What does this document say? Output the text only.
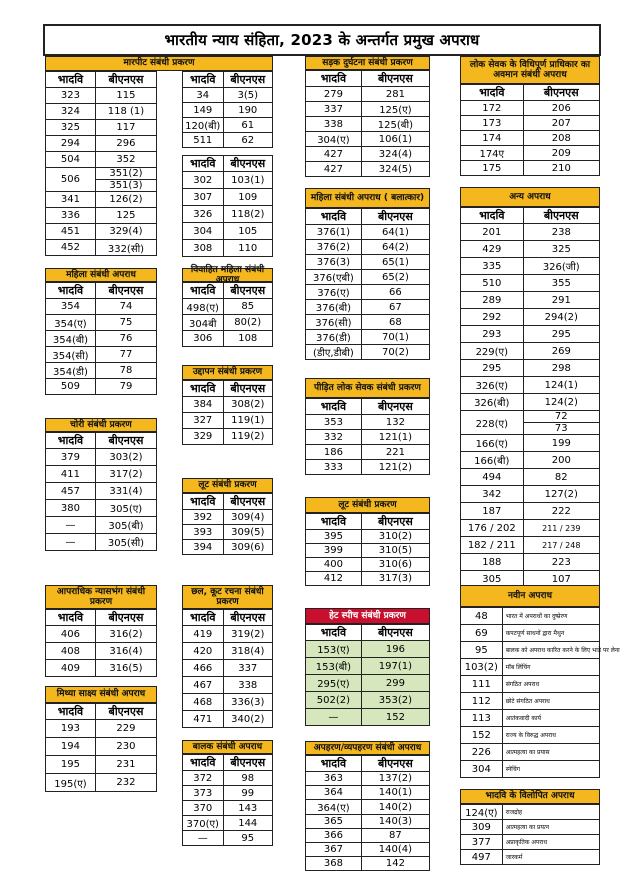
भारतीय न्याय संहिता, 2023 के अन्तर्गत प्रमुख अपराध
भादवि	बीएनएस
323	115
324	118 (1)
325	117
294	296
504	352
506	351(2)
	351(3)
341	126(2)
336	125
451	329(4)
452	332(सी)
मारपीट संबंधी प्रकरण
भादवि	बीएनएस
34	3(5)
149	190
120(बी)	61
511	62
भादवि	बीएनएस
302	103(1)
307	109
326	118(2)
304	105
308	110
सड़क दुर्घटना संबंधी प्रकरण
भादवि	बीएनएस
279	281
337	125(ए)
338	125(बी)
304(ए)	106(1)
427	324(4)
427	324(5)
लोक सेवक के विधिपूर्ण प्राधिकार का अवमान संबंधी अपराध
भादवि	बीएनएस
172	206
173	207
174	208
174ए	209
175	210
महिला संबंधी अपराध ( बलात्कार)
भादवि	बीएनएस
376(1)	64(1)
376(2)	64(2)
376(3)	65(1)
376(एबी)	65(2)
376(ए)	66
376(बी)	67
376(सी)	68
376(डी)	70(1)
(डीए,डीबी)	70(2)
अन्य अपराध
भादवि	बीएनएस
201	238
429	325
335	326(जी)
510	355
289	291
292	294(2)
293	295
229(ए)	269
295	298
326(ए)	124(1)
326(बी)	124(2)
228(ए)	72
	73
166(ए)	199
166(बी)	200
494	82
342	127(2)
187	222
176 / 202	211 / 239
182 / 211	217 / 248
188	223
305	107
महिला संबंधी अपराध
भादवि	बीएनएस
354	74
354(ए)	75
354(बी)	76
354(सी)	77
354(डी)	78
509	79
विवाहित महिला संबंधी अपराध
भादवि	बीएनएस
498(ए)	85
304बी	80(2)
306	108
उद्दापन संबंधी प्रकरण
भादवि	बीएनएस
384	308(2)
327	119(1)
329	119(2)
पीड़ित लोक सेवक संबंधी प्रकरण
भादवि	बीएनएस
353	132
332	121(1)
186	221
333	121(2)
चोरी संबंधी प्रकरण
भादवि	बीएनएस
379	303(2)
411	317(2)
457	331(4)
380	305(ए)
—	305(बी)
—	305(सी)
लूट संबंधी प्रकरण
भादवि	बीएनएस
392	309(4)
393	309(5)
394	309(6)
लूट संबंधी प्रकरण
भादवि	बीएनएस
395	310(2)
399	310(5)
400	310(6)
412	317(3)
आपराधिक न्यासभंग संबंधी प्रकरण
भादवि	बीएनएस
406	316(2)
408	316(4)
409	316(5)
छल, कूट रचना संबंधी प्रकरण
भादवि	बीएनएस
419	319(2)
420	318(4)
466	337
467	338
468	336(3)
471	340(2)
हेट स्पीच संबंधी प्रकरण
भादवि	बीएनएस
153(ए)	196
153(बी)	197(1)
295(ए)	299
502(2)	353(2)
—	152
नवीन अपराध
48	भारत में अपराधों का दुष्प्रेरण
69	कपटपूर्ण साधनों द्वारा मैथुन
95	बालक को अपराध कारित करने के लिए भाड़े पर लेना
103(2)	मॉब लिंचिंग
111	संगठित अपराध
112	छोटे संगठित अपराध
113	आतंकवादी कार्य
152	राज्य के विरुद्ध अपराध
226	आत्महत्या का प्रयास
304	स्नेचिंग
मिथ्या साक्ष्य संबंधी अपराध
भादवि	बीएनएस
193	229
194	230
195	231
195(ए)	232
बालक संबंधी अपराध
भादवि	बीएनएस
372	98
373	99
370	143
370(ए)	144
—	95
अपहरण/व्यपहरण संबंधी अपराध
भादवि	बीएनएस
363	137(2)
364	140(1)
364(ए)	140(2)
365	140(3)
366	87
367	140(4)
368	142
भादवि के विलोपित अपराध
124(ए)	राजद्रोह
309	आत्महत्या का प्रयत्न
377	अप्राकृतिक अपराध
497	जारकर्म
